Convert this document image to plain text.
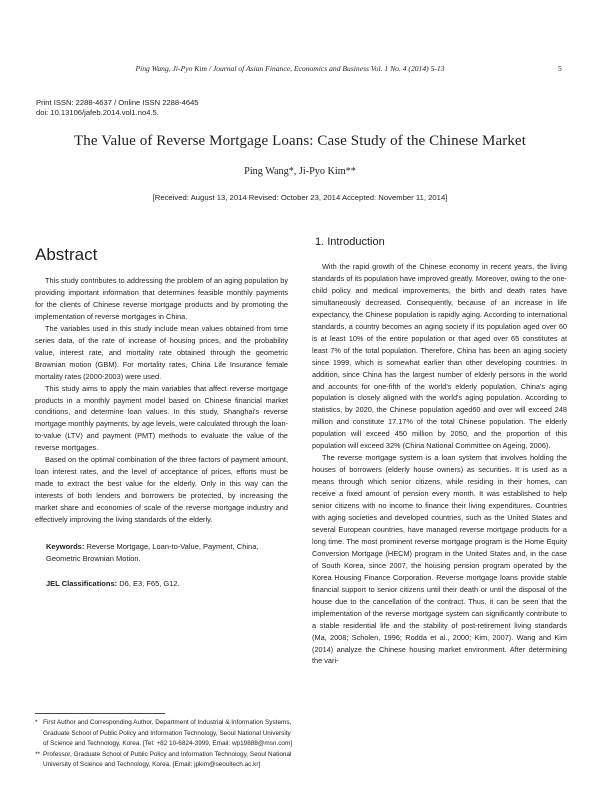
Ping Wang, Ji-Pyo Kim / Journal of Asian Finance, Economics and Business Vol. 1 No. 4 (2014) 5-13	5
Print ISSN: 2288-4637 / Online ISSN 2288-4645
doi: 10.13106/jafeb.2014.vol1.no4.5.
The Value of Reverse Mortgage Loans: Case Study of the Chinese Market
Ping Wang*, Ji-Pyo Kim**
[Received: August 13, 2014 Revised: October 23, 2014 Accepted: November 11, 2014]
Abstract

This study contributes to addressing the problem of an aging population by providing important information that determines feasible monthly payments for the clients of Chinese reverse mortgage products and by promoting the implementation of reverse mortgages in China.

The variables used in this study include mean values obtained from time series data, of the rate of increase of housing prices, and the probability value, interest rate, and mortality rate obtained through the geometric Brownian motion (GBM). For mortality rates, China Life Insurance female mortality rates (2000-2003) were used.

This study aims to apply the main variables that affect reverse mortgage products in a monthly payment model based on Chinese financial market conditions, and determine loan values. In this study, Shanghai's reverse mortgage monthly payments, by age levels, were calculated through the loan-to-value (LTV) and payment (PMT) methods to evaluate the value of the reverse mortgages.

Based on the optimal combination of the three factors of payment amount, loan interest rates, and the level of acceptance of prices, efforts must be made to extract the best value for the elderly. Only in this way can the interests of both lenders and borrowers be protected, by increasing the market share and economies of scale of the reverse mortgage industry and effectively improving the living standards of the elderly.

Keywords: Reverse Mortgage, Loan-to-Value, Payment, China, Geometric Brownian Motion.
JEL Classifications: D6, E3, F65, G12.
* First Author and Corresponding Author, Department of Industrial & Information Systems, Graduate School of Public Policy and Information Technology, Seoul National University of Science and Technology, Korea. [Tel: +82 10-6824-3999, Email: wp19888@msn.com]
** Professor, Graduate School of Public Policy and Information Technology, Seoul National University of Science and Technology, Korea. [Email: jpkim@seoultech.ac.kr]
1. Introduction

With the rapid growth of the Chinese economy in recent years, the living standards of its population have improved greatly. Moreover, owing to the one-child policy and medical improvements, the birth and death rates have simultaneously decreased. Consequently, because of an increase in life expectancy, the Chinese population is rapidly aging. According to international standards, a country becomes an aging society if its population aged over 60 is at least 10% of the entire population or that aged over 65 constitutes at least 7% of the total population. Therefore, China has been an aging society since 1999, which is somewhat earlier than other developing countries. In addition, since China has the largest number of elderly persons in the world and accounts for one-fifth of the world's elderly population, China's aging population is closely aligned with the world's aging population. According to statistics, by 2020, the Chinese population aged60 and over will exceed 248 million and constitute 17.17% of the total Chinese population. The elderly population will exceed 450 million by 2050, and the proportion of this population will exceed 32% (China National Committee on Ageing, 2006).

The reverse mortgage system is a loan system that involves holding the houses of borrowers (elderly house owners) as securities. It is used as a means through which senior citizens, while residing in their homes, can receive a fixed amount of pension every month. It was established to help senior citizens with no income to finance their living expenditures. Countries with aging societies and developed countries, such as the United States and several European countries, have managed reverse mortgage products for a long time. The most prominent reverse mortgage program is the Home Equity Conversion Mortgage (HECM) program in the United States and, in the case of South Korea, since 2007, the housing pension program operated by the Korea Housing Finance Corporation. Reverse mortgage loans provide stable financial support to senior citizens until their death or until the disposal of the house due to the cancellation of the contract. Thus, it can be seen that the implementation of the reverse mortgage system can significantly contribute to a stable residential life and the stability of post-retirement living standards (Ma, 2008; Scholen, 1996; Rodda et al., 2000; Kim, 2007). Wang and Kim (2014) analyze the Chinese housing market environment. After determining the vari-
